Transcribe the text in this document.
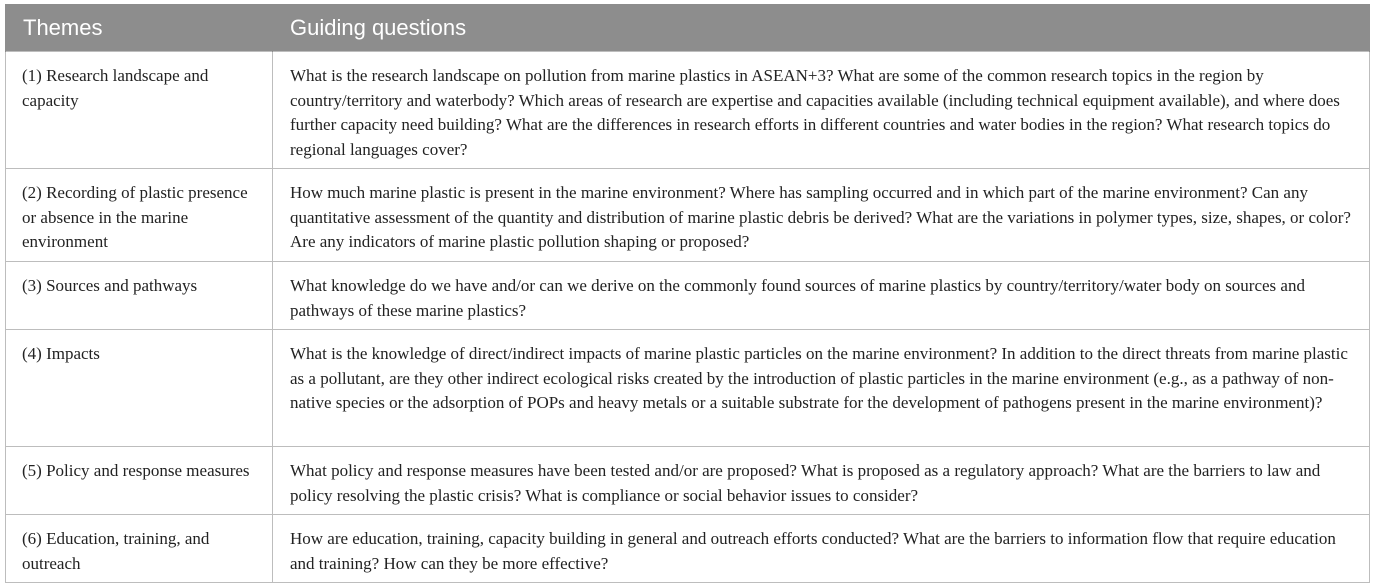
Themes	Guiding questions
(1) Research landscape and capacity	What is the research landscape on pollution from marine plastics in ASEAN+3? What are some of the common research topics in the region by country/territory and waterbody? Which areas of research are expertise and capacities available (including technical equipment available), and where does further capacity need building? What are the differences in research efforts in different countries and water bodies in the region? What research topics do regional languages cover?
(2) Recording of plastic presence or absence in the marine environment	How much marine plastic is present in the marine environment? Where has sampling occurred and in which part of the marine environment? Can any quantitative assessment of the quantity and distribution of marine plastic debris be derived? What are the variations in polymer types, size, shapes, or color? Are any indicators of marine plastic pollution shaping or proposed?
(3) Sources and pathways	What knowledge do we have and/or can we derive on the commonly found sources of marine plastics by country/territory/water body on sources and pathways of these marine plastics?
(4) Impacts	What is the knowledge of direct/indirect impacts of marine plastic particles on the marine environment? In addition to the direct threats from marine plastic as a pollutant, are they other indirect ecological risks created by the introduction of plastic particles in the marine environment (e.g., as a pathway of non-native species or the adsorption of POPs and heavy metals or a suitable substrate for the development of pathogens present in the marine environment)?
(5) Policy and response measures	What policy and response measures have been tested and/or are proposed? What is proposed as a regulatory approach? What are the barriers to law and policy resolving the plastic crisis? What is compliance or social behavior issues to consider?
(6) Education, training, and outreach	How are education, training, capacity building in general and outreach efforts conducted? What are the barriers to information flow that require education and training? How can they be more effective?
